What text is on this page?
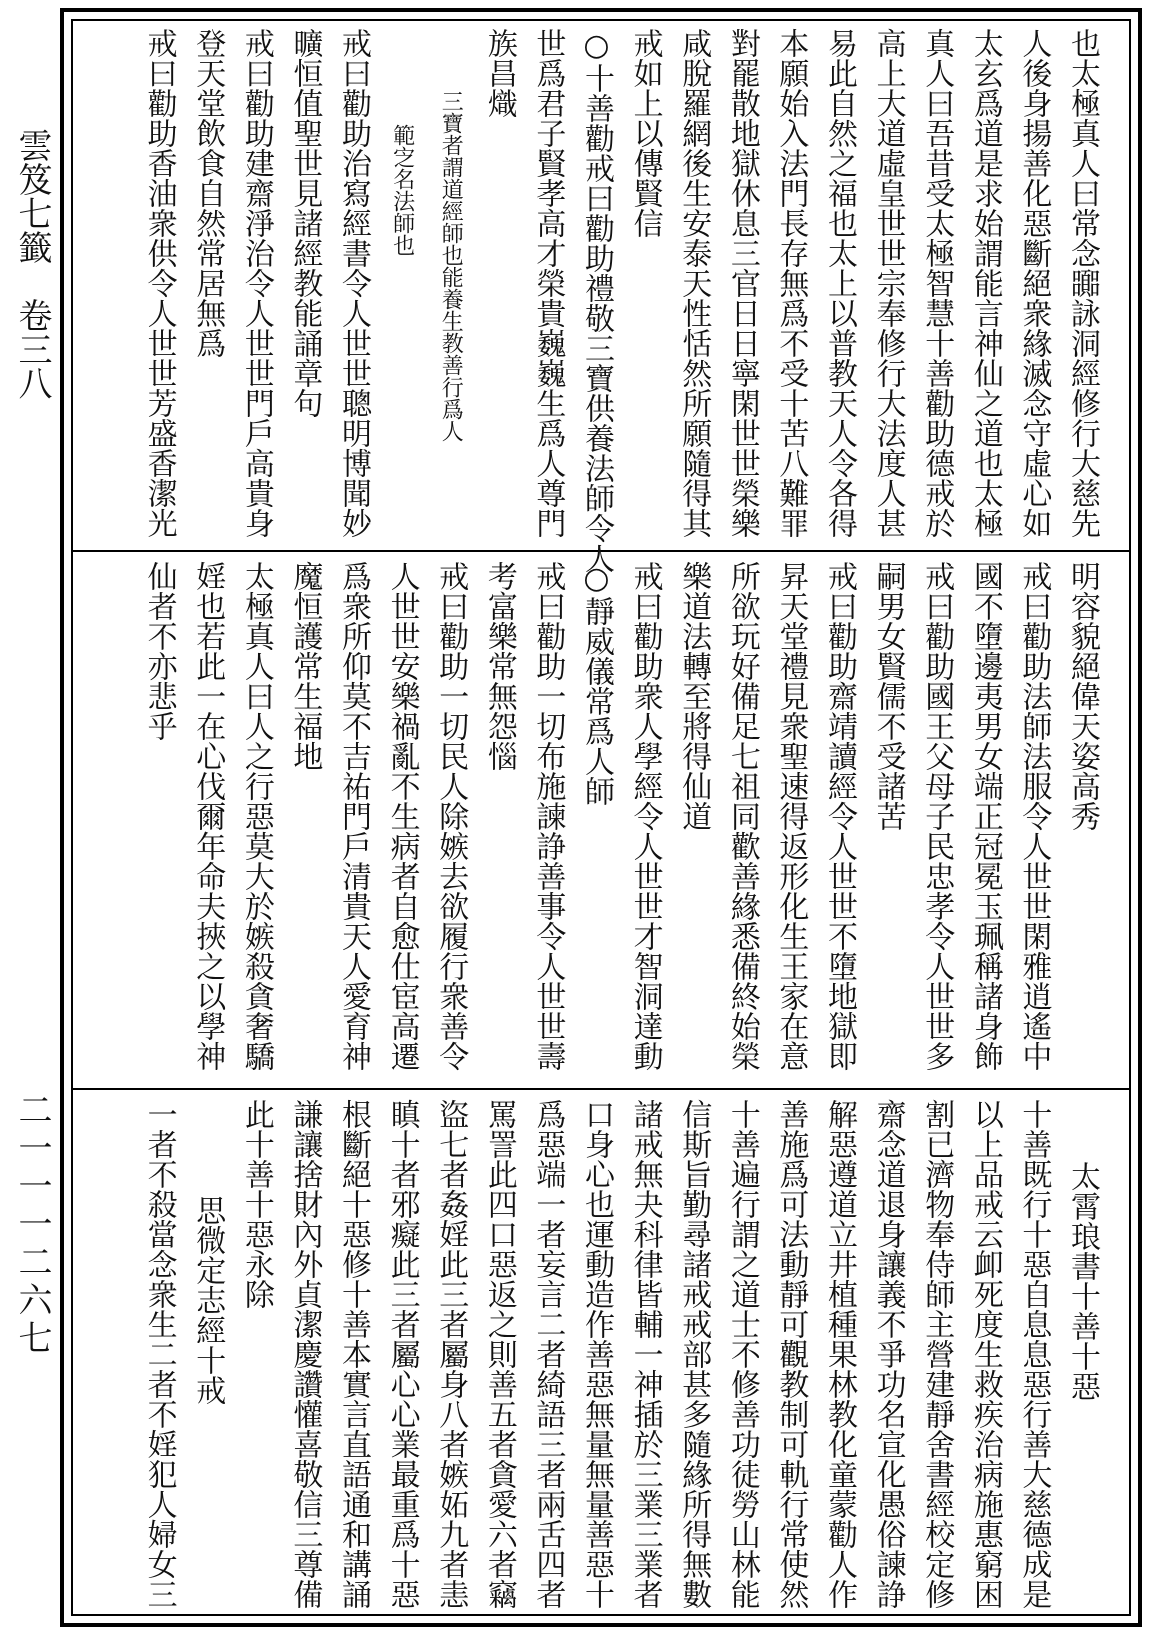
雲笈七籤　卷三八
二一一一二六七
也太極真人曰常念嚻詠洞經修行大慈先
人後身揚善化惡斷絕衆緣滅念守虛心如
太玄爲道是求始謂能言神仙之道也太極
真人曰吾昔受太極智慧十善勸助德戒於
高上大道虛皇世世宗奉修行大法度人甚
易此自然之福也太上以普教天人令各得
本願始入法門長存無爲不受十苦八難罪
對罷散地獄休息三官日日寧閑世世榮樂
咸脫羅網後生安泰天性恬然所願隨得其
戒如上以傳賢信
○十善勸戒曰勸助禮敬三寶供養法師令人
世爲君子賢孝高才榮貴巍巍生爲人尊門
族昌熾
三寶者謂道經師也能養生教善行爲人
範㝎名法師也
戒曰勸助治寫經書令人世世聰明博聞妙
曠恒值聖世見諸經教能誦章句
戒曰勸助建齋淨治令人世世門戶高貴身
登天堂飲食自然常居無爲
戒曰勸助香油衆供令人世世芳盛香潔光
明容貌絕偉天姿高秀
戒曰勸助法師法服令人世世閑雅逍遙中
國不墮邊夷男女端正冠冕玉珮稱諸身飾
戒曰勸助國王父母子民忠孝令人世世多
嗣男女賢儒不受諸苦
戒曰勸助齋靖讀經令人世世不墮地獄即
昇天堂禮見衆聖速得返形化生王家在意
所欲玩好備足七祖同歡善緣悉備終始榮
樂道法轉至將得仙道
戒曰勸助衆人學經令人世世才智洞達動
○靜威儀常爲人師
戒曰勸助一切布施諫諍善事令人世世壽
考富樂常無怨惱
戒曰勸助一切民人除嫉去欲履行衆善令
人世世安樂禍亂不生病者自愈仕宦高遷
爲衆所仰莫不吉祐門戶清貴天人愛育神
魔恒護常生福地
太極真人曰人之行惡莫大於嫉殺貪奢驕
婬也若此一在心伐爾年命夫挾之以學神
仙者不亦悲乎
太霄琅書十善十惡
十善既行十惡自息息惡行善大慈德成是
以上品戒云卹死度生救疾治病施惠窮困
割已濟物奉侍師主營建靜舍書經校定修
齋念道退身讓義不爭功名宣化愚俗諫諍
解惡遵道立井植種果林教化童蒙勸人作
善施爲可法動靜可觀教制可軌行常使然
十善遍行謂之道士不修善功徒勞山林能
信斯旨勤尋諸戒戒部甚多隨緣所得無數
諸戒無夬科律皆輔一神插於三業三業者
口身心也運動造作善惡無量無量善惡十
爲惡端一者妄言二者綺語三者兩舌四者
罵詈此四口惡返之則善五者貪愛六者竊
盜七者姦婬此三者屬身八者嫉妬九者恚
瞋十者邪癡此三者屬心心業最重爲十惡
根斷絕十惡修十善本實言直語通和講誦
謙讓捨財內外貞潔慶讚懽喜敬信三尊備
此十善十惡永除
思微定志經十戒
一者不殺當念衆生二者不婬犯人婦女三
